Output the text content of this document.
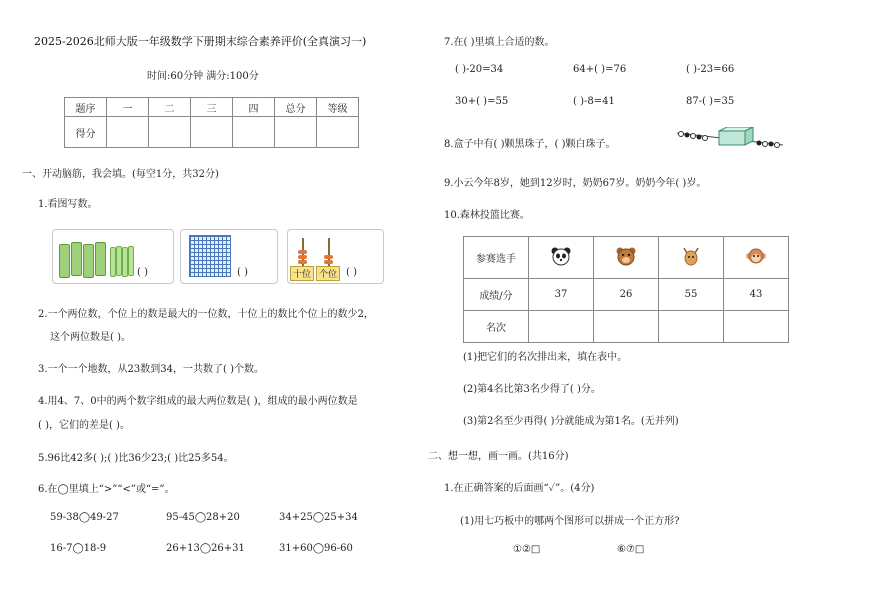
2025-2026北师大版一年级数学下册期末综合素养评价(全真演习一)
时间:60分钟 满分:100分
题序	一	二	三	四	总分	等级
得分						
一、开动脑筋，我会填。(每空1分，共32分)
1.看图写数。
( )	( )	十位 个位 ( )
2.一个两位数，个位上的数是最大的一位数，十位上的数比个位上的数少2，
这个两位数是( )。
3.一个一个地数，从23数到34，一共数了( )个数。
4.用4、7、0中的两个数字组成的最大两位数是( )，组成的最小两位数是
( )，它们的差是( )。
5.96比42多( );( )比36少23;( )比25多54。
6.在◯里填上“>”“<”或“=”。
59-38◯49-27	95-45◯28+20	34+25◯25+34
16-7◯18-9	26+13◯26+31	31+60◯96-60
7.在( )里填上合适的数。
( )-20=34	64+( )=76	( )-23=66
30+( )=55	( )-8=41	87-( )=35
8.盒子中有( )颗黑珠子，( )颗白珠子。
9.小云今年8岁，她到12岁时，奶奶67岁。奶奶今年( )岁。
10.森林投篮比赛。
参赛选手				
成绩/分	37	26	55	43
名次				
(1)把它们的名次排出来，填在表中。
(2)第4名比第3名少得了( )分。
(3)第2名至少再得( )分就能成为第1名。(无并列)
二、想一想，画一画。(共16分)
1.在正确答案的后面画“✓”。(4分)
(1)用七巧板中的哪两个图形可以拼成一个正方形?
①②□	⑥⑦□
